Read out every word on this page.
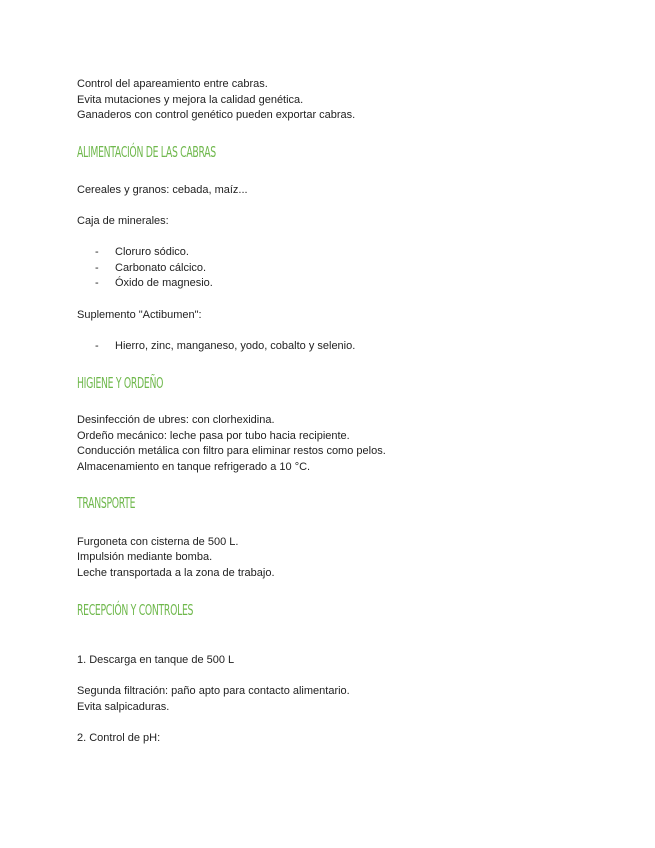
Control del apareamiento entre cabras.
Evita mutaciones y mejora la calidad genética.
Ganaderos con control genético pueden exportar cabras.
ALIMENTACIÓN DE LAS CABRAS
Cereales y granos: cebada, maíz...
Caja de minerales:
- Cloruro sódico.
- Carbonato cálcico.
- Óxido de magnesio.
Suplemento "Actibumen":
- Hierro, zinc, manganeso, yodo, cobalto y selenio.
HIGIENE Y ORDEÑO
Desinfección de ubres: con clorhexidina.
Ordeño mecánico: leche pasa por tubo hacia recipiente.
Conducción metálica con filtro para eliminar restos como pelos.
Almacenamiento en tanque refrigerado a 10 °C.
TRANSPORTE
Furgoneta con cisterna de 500 L.
Impulsión mediante bomba.
Leche transportada a la zona de trabajo.
RECEPCIÓN Y CONTROLES
1. Descarga en tanque de 500 L
Segunda filtración: paño apto para contacto alimentario.
Evita salpicaduras.
2. Control de pH:
